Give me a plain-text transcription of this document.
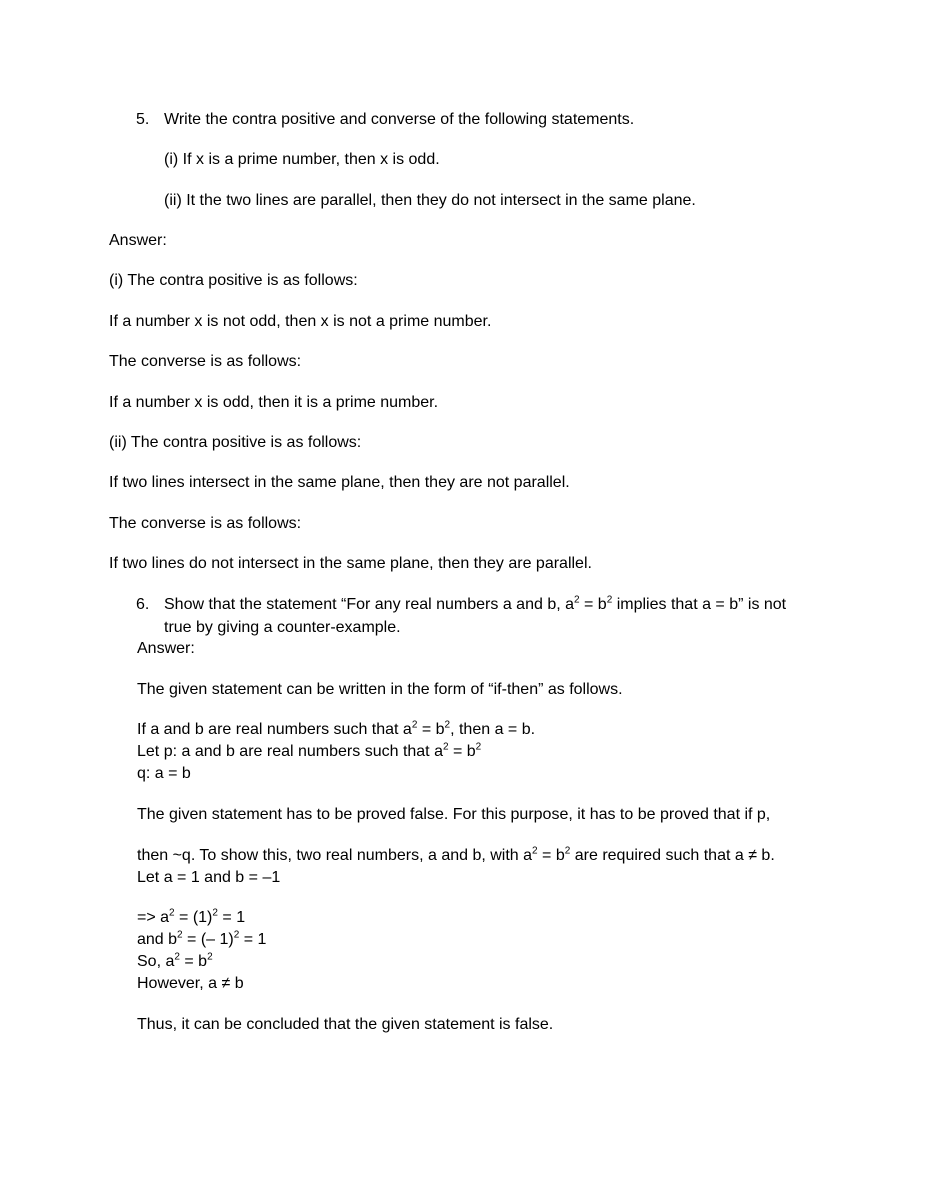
5. Write the contra positive and converse of the following statements.
(i) If x is a prime number, then x is odd.
(ii) It the two lines are parallel, then they do not intersect in the same plane.
Answer:
(i) The contra positive is as follows:
If a number x is not odd, then x is not a prime number.
The converse is as follows:
If a number x is odd, then it is a prime number.
(ii) The contra positive is as follows:
If two lines intersect in the same plane, then they are not parallel.
The converse is as follows:
If two lines do not intersect in the same plane, then they are parallel.
6. Show that the statement “For any real numbers a and b, $a^2 = b^2$ implies that a = b” is not
true by giving a counter-example.
Answer:
The given statement can be written in the form of “if-then” as follows.
If a and b are real numbers such that $a^2 = b^2$, then a = b.
Let p: a and b are real numbers such that $a^2 = b^2$
q: a = b
The given statement has to be proved false. For this purpose, it has to be proved that if p,
then ~q. To show this, two real numbers, a and b, with $a^2 = b^2$ are required such that a ≠ b.
Let a = 1 and b = –1
=> $a^2 = (1)^2 = 1$
and $b^2$ = (– 1)$^2$ = 1
So, $a^2 = b^2$
However, a ≠ b
Thus, it can be concluded that the given statement is false.
